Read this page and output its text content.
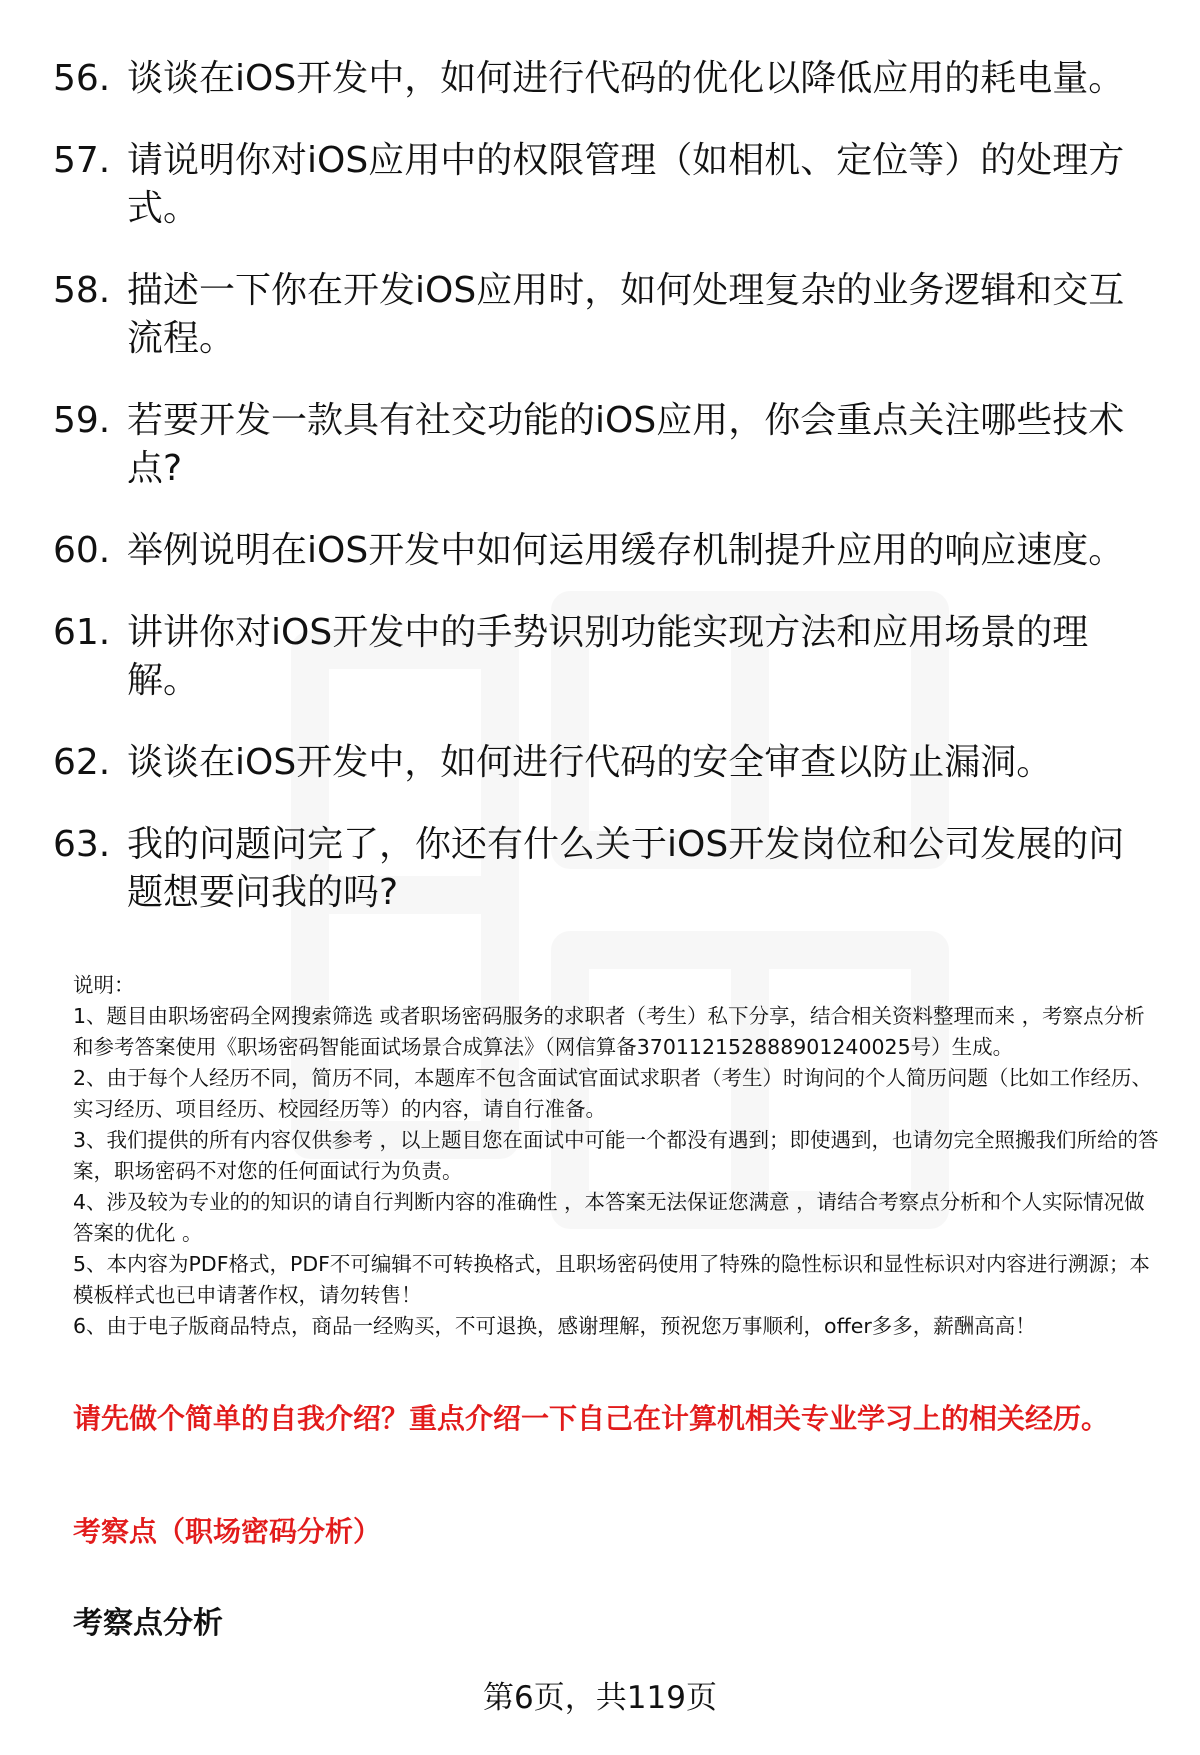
56. 谈谈在iOS开发中，如何进行代码的优化以降低应用的耗电量。
57. 请说明你对iOS应用中的权限管理（如相机、定位等）的处理方式。
58. 描述一下你在开发iOS应用时，如何处理复杂的业务逻辑和交互流程。
59. 若要开发一款具有社交功能的iOS应用，你会重点关注哪些技术点?
60. 举例说明在iOS开发中如何运用缓存机制提升应用的响应速度。
61. 讲讲你对iOS开发中的手势识别功能实现方法和应用场景的理解。
62. 谈谈在iOS开发中，如何进行代码的安全审查以防止漏洞。
63. 我的问题问完了，你还有什么关于iOS开发岗位和公司发展的问题想要问我的吗?

说明：

1、题目由职场密码全网搜索筛选 或者职场密码服务的求职者（考生）私下分享，结合相关资料整理而来 ，考察点分析和参考答案使用《职场密码智能面试场景合成算法》（网信算备370112152888901240025号）生成。

2、由于每个人经历不同，简历不同，本题库不包含面试官面试求职者（考生）时询问的个人简历问题（比如工作经历、实习经历、项目经历、校园经历等）的内容，请自行准备。

3、我们提供的所有内容仅供参考 ，以上题目您在面试中可能一个都没有遇到；即使遇到，也请勿完全照搬我们所给的答案，职场密码不对您的任何面试行为负责。

4、涉及较为专业的的知识的请自行判断内容的准确性 ，本答案无法保证您满意 ，请结合考察点分析和个人实际情况做答案的优化 。

5、本内容为PDF格式，PDF不可编辑不可转换格式，且职场密码使用了特殊的隐性标识和显性标识对内容进行溯源；本模板样式也已申请著作权，请勿转售！

6、由于电子版商品特点，商品一经购买，不可退换，感谢理解，预祝您万事顺利，offer多多，薪酬高高！

请先做个简单的自我介绍？重点介绍一下自己在计算机相关专业学习上的相关经历。
考察点（职场密码分析）
考察点分析
第6页，共119页
